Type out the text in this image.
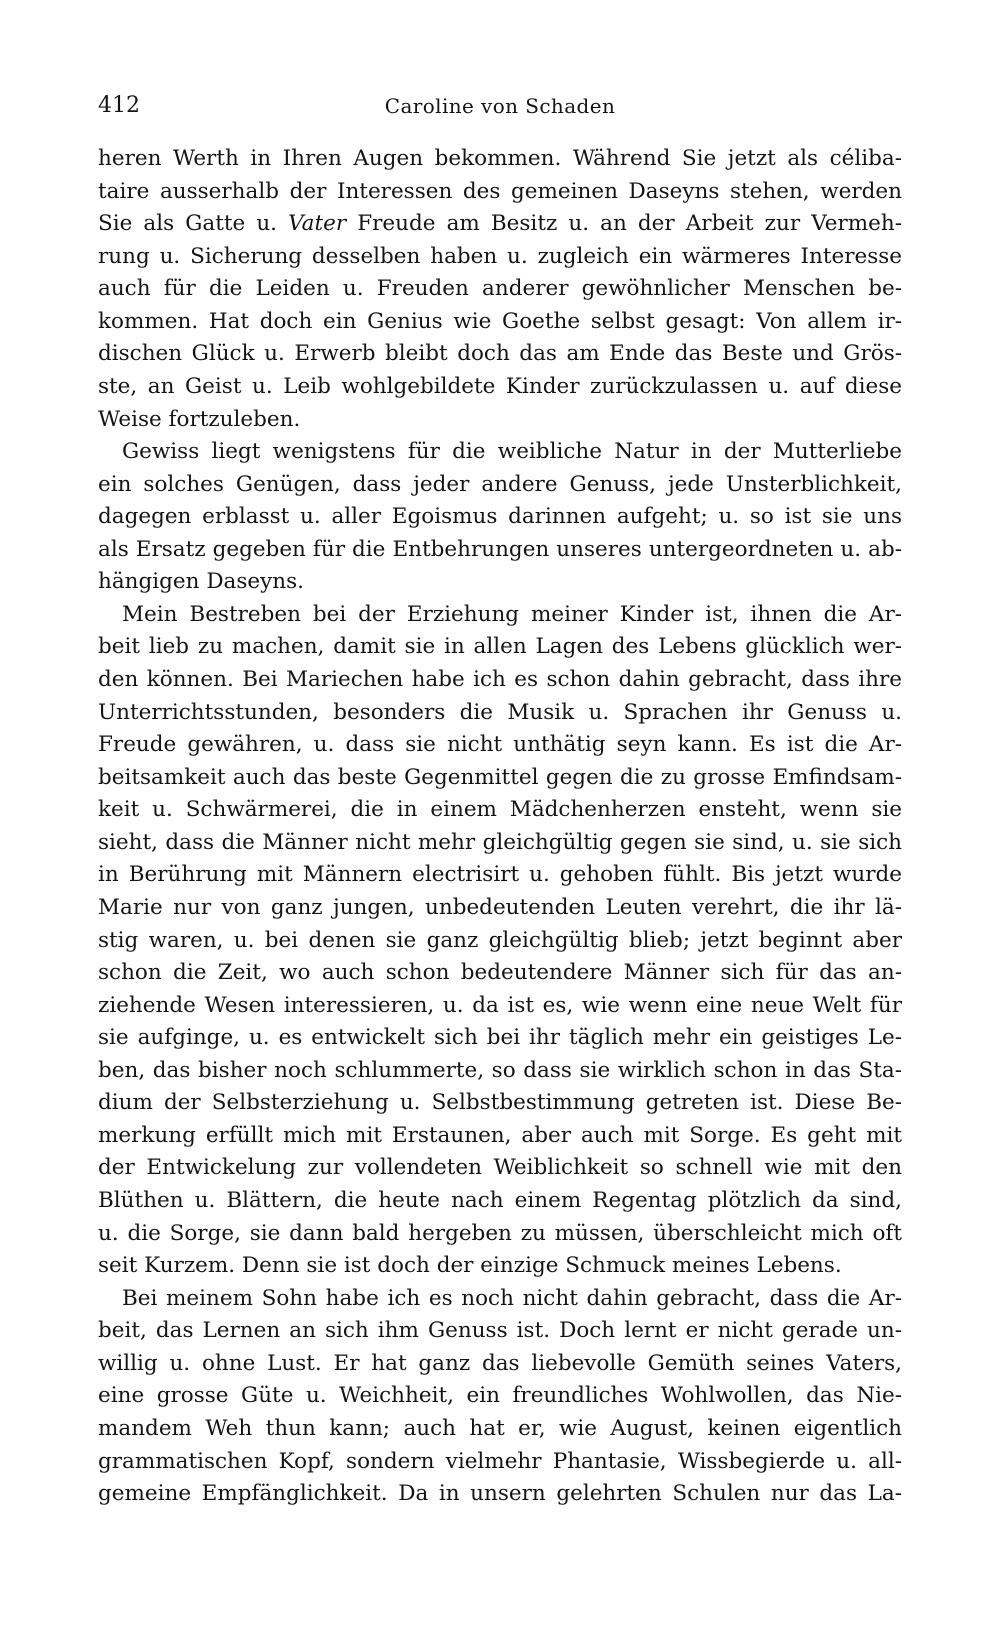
412	Caroline von Schaden
heren Werth in Ihren Augen bekommen. Während Sie jetzt als céliba-
taire ausserhalb der Interessen des gemeinen Daseyns stehen, werden
Sie als Gatte u. Vater Freude am Besitz u. an der Arbeit zur Vermeh-
rung u. Sicherung desselben haben u. zugleich ein wärmeres Interesse
auch für die Leiden u. Freuden anderer gewöhnlicher Menschen be-
kommen. Hat doch ein Genius wie Goethe selbst gesagt: Von allem ir-
dischen Glück u. Erwerb bleibt doch das am Ende das Beste und Grös-
ste, an Geist u. Leib wohlgebildete Kinder zurückzulassen u. auf diese
Weise fortzuleben.
Gewiss liegt wenigstens für die weibliche Natur in der Mutterliebe
ein solches Genügen, dass jeder andere Genuss, jede Unsterblichkeit,
dagegen erblasst u. aller Egoismus darinnen aufgeht; u. so ist sie uns
als Ersatz gegeben für die Entbehrungen unseres untergeordneten u. ab-
hängigen Daseyns.
Mein Bestreben bei der Erziehung meiner Kinder ist, ihnen die Ar-
beit lieb zu machen, damit sie in allen Lagen des Lebens glücklich wer-
den können. Bei Mariechen habe ich es schon dahin gebracht, dass ihre
Unterrichtsstunden, besonders die Musik u. Sprachen ihr Genuss u.
Freude gewähren, u. dass sie nicht unthätig seyn kann. Es ist die Ar-
beitsamkeit auch das beste Gegenmittel gegen die zu grosse Emfindsam-
keit u. Schwärmerei, die in einem Mädchenherzen ensteht, wenn sie
sieht, dass die Männer nicht mehr gleichgültig gegen sie sind, u. sie sich
in Berührung mit Männern electrisirt u. gehoben fühlt. Bis jetzt wurde
Marie nur von ganz jungen, unbedeutenden Leuten verehrt, die ihr lä-
stig waren, u. bei denen sie ganz gleichgültig blieb; jetzt beginnt aber
schon die Zeit, wo auch schon bedeutendere Männer sich für das an-
ziehende Wesen interessieren, u. da ist es, wie wenn eine neue Welt für
sie aufginge, u. es entwickelt sich bei ihr täglich mehr ein geistiges Le-
ben, das bisher noch schlummerte, so dass sie wirklich schon in das Sta-
dium der Selbsterziehung u. Selbstbestimmung getreten ist. Diese Be-
merkung erfüllt mich mit Erstaunen, aber auch mit Sorge. Es geht mit
der Entwickelung zur vollendeten Weiblichkeit so schnell wie mit den
Blüthen u. Blättern, die heute nach einem Regentag plötzlich da sind,
u. die Sorge, sie dann bald hergeben zu müssen, überschleicht mich oft
seit Kurzem. Denn sie ist doch der einzige Schmuck meines Lebens.
Bei meinem Sohn habe ich es noch nicht dahin gebracht, dass die Ar-
beit, das Lernen an sich ihm Genuss ist. Doch lernt er nicht gerade un-
willig u. ohne Lust. Er hat ganz das liebevolle Gemüth seines Vaters,
eine grosse Güte u. Weichheit, ein freundliches Wohlwollen, das Nie-
mandem Weh thun kann; auch hat er, wie August, keinen eigentlich
grammatischen Kopf, sondern vielmehr Phantasie, Wissbegierde u. all-
gemeine Empfänglichkeit. Da in unsern gelehrten Schulen nur das La-
